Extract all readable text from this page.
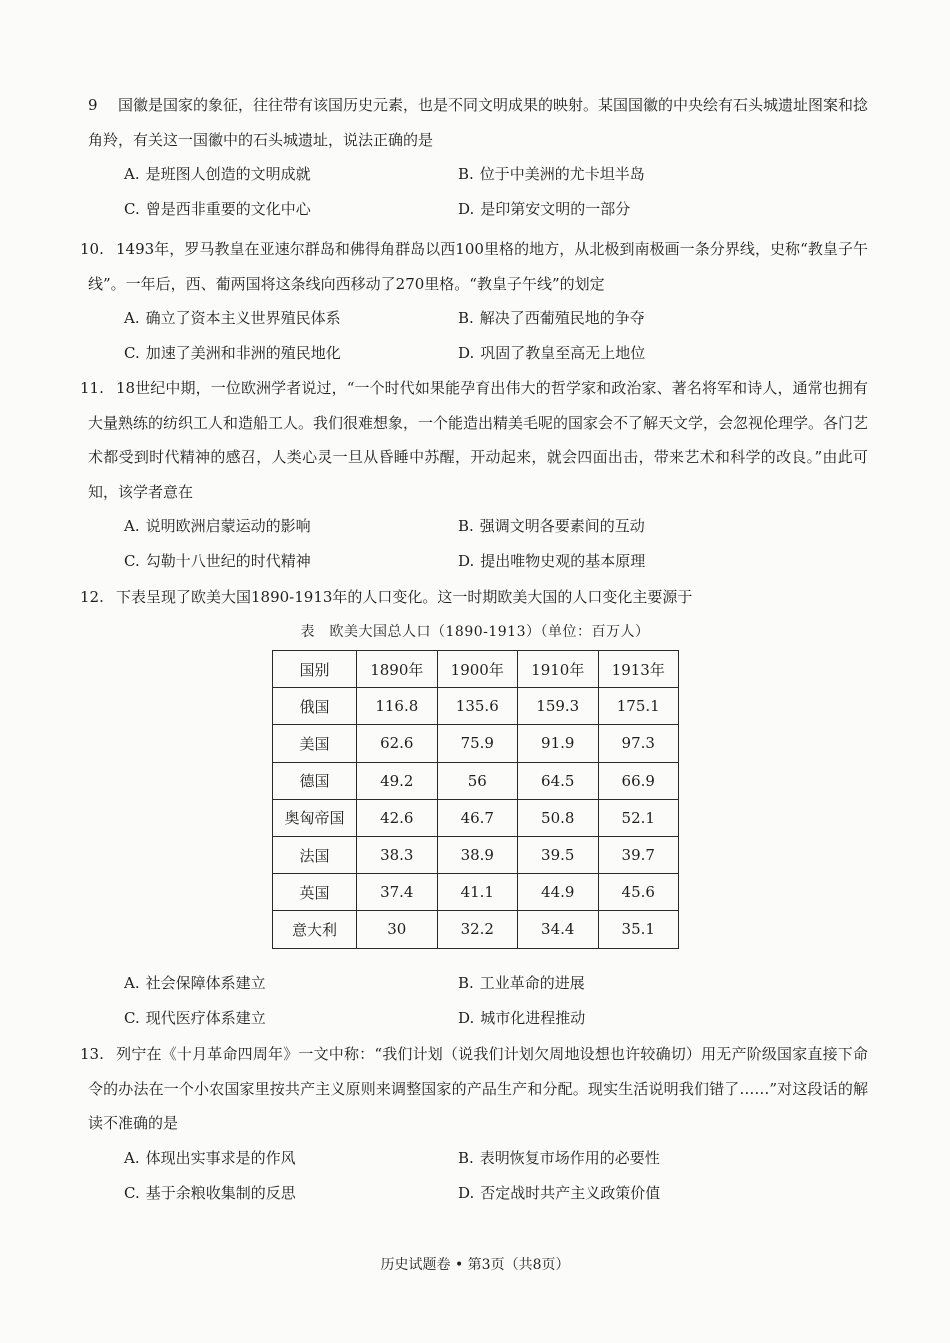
9 国徽是国家的象征，往往带有该国历史元素，也是不同文明成果的映射。某国国徽的中央绘有石头城遗址图案和捻角羚，有关这一国徽中的石头城遗址，说法正确的是

A. 是班图人创造的文明成就	B. 位于中美洲的尤卡坦半岛
C. 曾是西非重要的文化中心	D. 是印第安文明的一部分

10. 1493年，罗马教皇在亚速尔群岛和佛得角群岛以西100里格的地方，从北极到南极画一条分界线，史称“教皇子午线”。一年后，西、葡两国将这条线向西移动了270里格。“教皇子午线”的划定

A. 确立了资本主义世界殖民体系	B. 解决了西葡殖民地的争夺
C. 加速了美洲和非洲的殖民地化	D. 巩固了教皇至高无上地位

11. 18世纪中期，一位欧洲学者说过，“一个时代如果能孕育出伟大的哲学家和政治家、著名将军和诗人，通常也拥有大量熟练的纺织工人和造船工人。我们很难想象，一个能造出精美毛呢的国家会不了解天文学，会忽视伦理学。各门艺术都受到时代精神的感召，人类心灵一旦从昏睡中苏醒，开动起来，就会四面出击，带来艺术和科学的改良。”由此可知，该学者意在

A. 说明欧洲启蒙运动的影响	B. 强调文明各要素间的互动
C. 勾勒十八世纪的时代精神	D. 提出唯物史观的基本原理

12. 下表呈现了欧美大国1890-1913年的人口变化。这一时期欧美大国的人口变化主要源于

表　欧美大国总人口（1890-1913）（单位：百万人）
国别	1890年	1900年	1910年	1913年
俄国	116.8	135.6	159.3	175.1
美国	62.6	75.9	91.9	97.3
德国	49.2	56	64.5	66.9
奥匈帝国	42.6	46.7	50.8	52.1
法国	38.3	38.9	39.5	39.7
英国	37.4	41.1	44.9	45.6
意大利	30	32.2	34.4	35.1
A. 社会保障体系建立	B. 工业革命的进展
C. 现代医疗体系建立	D. 城市化进程推动

13. 列宁在《十月革命四周年》一文中称：“我们计划（说我们计划欠周地设想也许较确切）用无产阶级国家直接下命令的办法在一个小农国家里按共产主义原则来调整国家的产品生产和分配。现实生活说明我们错了……”对这段话的解读不准确的是

A. 体现出实事求是的作风	B. 表明恢复市场作用的必要性
C. 基于余粮收集制的反思	D. 否定战时共产主义政策价值
历史试题卷 • 第3页（共8页）
